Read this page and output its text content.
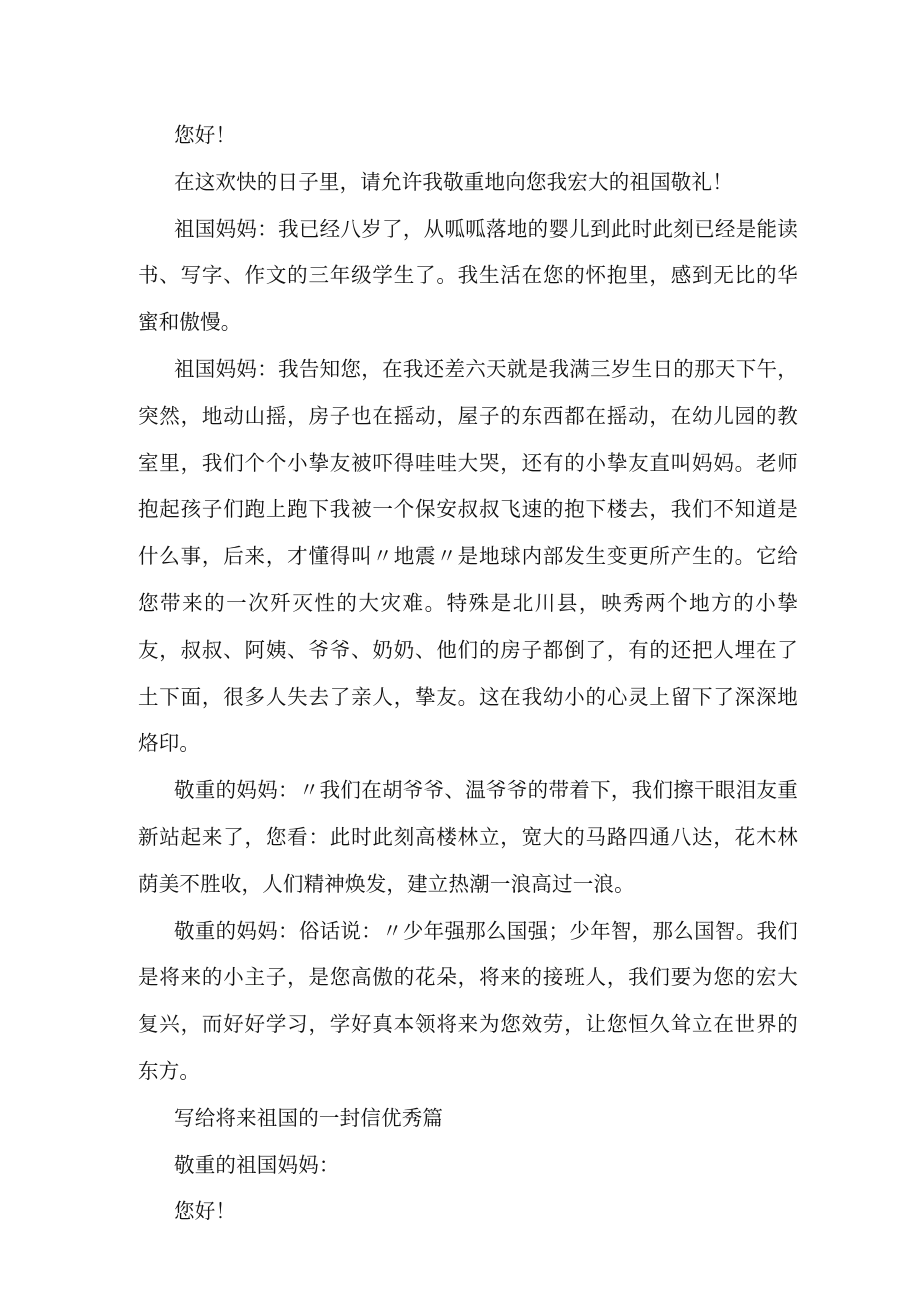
您好！

在这欢快的日子里，请允许我敬重地向您我宏大的祖国敬礼！

祖国妈妈：我已经八岁了，从呱呱落地的婴儿到此时此刻已经是能读书、写字、作文的三年级学生了。我生活在您的怀抱里，感到无比的华蜜和傲慢。

祖国妈妈：我告知您，在我还差六天就是我满三岁生日的那天下午，突然，地动山摇，房子也在摇动，屋子的东西都在摇动，在幼儿园的教室里，我们个个小挚友被吓得哇哇大哭，还有的小挚友直叫妈妈。老师抱起孩子们跑上跑下我被一个保安叔叔飞速的抱下楼去，我们不知道是什么事，后来，才懂得叫〃地震〃是地球内部发生变更所产生的。它给您带来的一次歼灭性的大灾难。特殊是北川县，映秀两个地方的小挚友，叔叔、阿姨、爷爷、奶奶、他们的房子都倒了，有的还把人埋在了土下面，很多人失去了亲人，挚友。这在我幼小的心灵上留下了深深地烙印。

敬重的妈妈：〃我们在胡爷爷、温爷爷的带着下，我们擦干眼泪友重新站起来了，您看：此时此刻高楼林立，宽大的马路四通八达，花木林荫美不胜收，人们精神焕发，建立热潮一浪高过一浪。

敬重的妈妈：俗话说：〃少年强那么国强；少年智，那么国智。我们是将来的小主子，是您高傲的花朵，将来的接班人，我们要为您的宏大复兴，而好好学习，学好真本领将来为您效劳，让您恒久耸立在世界的东方。

写给将来祖国的一封信优秀篇

敬重的祖国妈妈：

您好！
